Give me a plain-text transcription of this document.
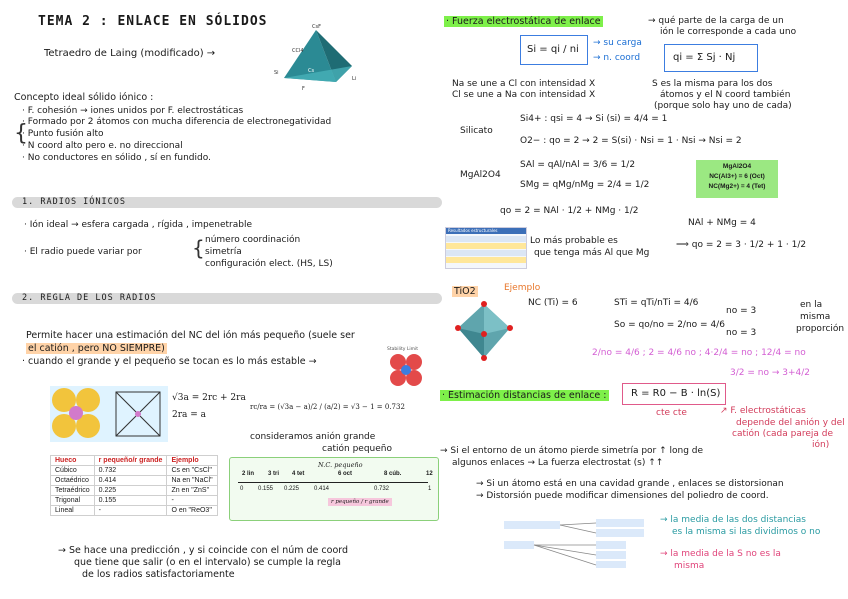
TEMA 2 : ENLACE EN SÓLIDOS
Tetraedro de Laing (modificado) →
CsF
Si
CCl4
Cs
F
Li
Concepto ideal sólido iónico :
{
· F. cohesión → iones unidos por F. electrostáticas
· Formado por 2 átomos con mucha diferencia de electronegatividad
· Punto fusión alto
· N coord alto pero e. no direccional
· No conductores en sólido , sí en fundido.
1. RADIOS IÓNICOS
· Ión ideal → esfera cargada , rígida , impenetrable
· El radio puede variar por	{ número coordinación
simetría
configuración elect. (HS, LS)
2. REGLA DE LOS RADIOS
Permite hacer una estimación del NC del ión más pequeño (suele ser
el catión , pero NO SIEMPRE)
· cuando el grande y el pequeño se tocan es lo más estable →
Stability Limit
√3a = 2rc + 2ra
2ra = a
rc/ra = (√3a − a)/2 / (a/2) = √3 − 1 = 0.732
consideramos anión grande
catión pequeño
Hueco	r pequeño/r grande	Ejemplo
Cúbico	0.732	Cs en "CsCl"
Octaédrico	0.414	Na en "NaCl"
Tetraédrico	0.225	Zn en "ZnS"
Trigonal	0.155	-
Lineal	-	O en "ReO3"
N.C. pequeño
2 lin 3 tri 4 tet	6 oct	8 cúb.	12
0 0.155 0.225 0.414	0.732	1
r pequeño / r grande
→ Se hace una predicción , y si coincide con el núm de coord
que tiene que salir (o en el intervalo) se cumple la regla
de los radios satisfactoriamente
· Fuerza electrostática de enlace	→ qué parte de la carga de un
ión le corresponde a cada uno
Si = qi / ni
→ su carga
→ n. coord	qi = Σ Sj · Nj
Na se une a Cl con intensidad X
Cl se une a Na con intensidad X
S es la misma para los dos
átomos y el N coord también
(porque solo hay uno de cada)
Silicato
Si4+ : qsi = 4 → Si (si) = 4/4 = 1
O2− : qo = 2 → 2 = S(si) · Nsi = 1 · Nsi → Nsi = 2
MgAl2O4
SAl = qAl/nAl = 3/6 = 1/2
SMg = qMg/nMg = 2/4 = 1/2
MgAl2O4
NC(Al3+) = 6 (Oct)
NC(Mg2+) = 4 (Tet)
qo = 2 = NAl · 1/2 + NMg · 1/2
NAl + NMg = 4
Resultados estructurales
Lo más probable es
que tenga más Al que Mg
⟹ qo = 2 = 3 · 1/2 + 1 · 1/2
TiO2	Ejemplo
NC (Ti) = 6	STi = qTi/nTi = 4/6
So = qo/no = 2/no = 4/6
no = 3
no = 3
en la
misma
proporción
2/no = 4/6 ; 2 = 4/6 no ; 4·2/4 = no ; 12/4 = no
3/2 = no → 3+4/2
· Estimación distancias de enlace : R = R0 − B · ln(S)
cte cte	↗ F. electrostáticas
depende del anión y del
catión (cada pareja de
ión)
→ Si el entorno de un átomo pierde simetría por ↑ long de
algunos enlaces → La fuerza electrostat (s) ↑↑
→ Si un átomo está en una cavidad grande , enlaces se distorsionan
→ Distorsión puede modificar dimensiones del poliedro de coord.
→ la media de las dos distancias
es la misma si las dividimos o no
→ la media de la S no es la
misma
